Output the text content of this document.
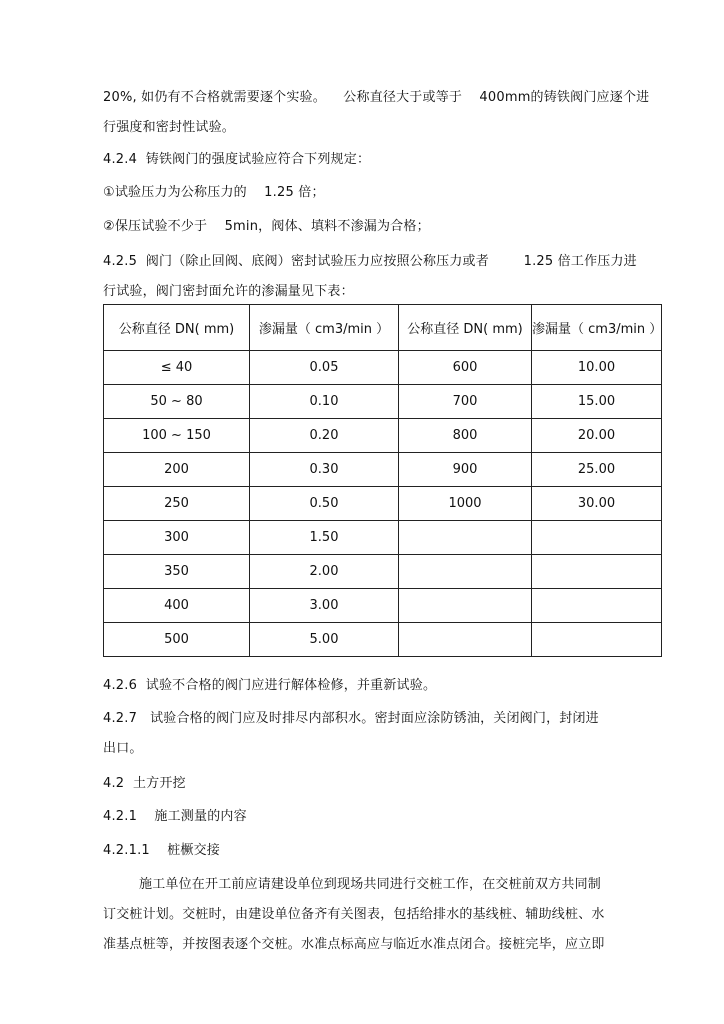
20%, 如仍有不合格就需要逐个实验。    公称直径大于或等于    400mm的铸铁阀门应逐个进
行强度和密封性试验。
4.2.4  铸铁阀门的强度试验应符合下列规定：
①试验压力为公称压力的    1.25 倍；
②保压试验不少于    5min，阀体、填料不渗漏为合格；
4.2.5  阀门（除止回阀、底阀）密封试验压力应按照公称压力或者        1.25 倍工作压力进
行试验，阀门密封面允许的渗漏量见下表：
公称直径 DN( mm)	渗漏量（ cm3/min ）	公称直径 DN( mm)	渗漏量（ cm3/min ）
≤ 40	0.05	600	10.00
50 ~ 80	0.10	700	15.00
100 ~ 150	0.20	800	20.00
200	0.30	900	25.00
250	0.50	1000	30.00
300	1.50		
350	2.00		
400	3.00		
500	5.00		
4.2.6  试验不合格的阀门应进行解体检修，并重新试验。
4.2.7   试验合格的阀门应及时排尽内部积水。密封面应涂防锈油，关闭阀门，封闭进
出口。
4.2  土方开挖
4.2.1    施工测量的内容
4.2.1.1    桩橛交接
施工单位在开工前应请建设单位到现场共同进行交桩工作，在交桩前双方共同制
订交桩计划。交桩时，由建设单位备齐有关图表，包括给排水的基线桩、辅助线桩、水
准基点桩等，并按图表逐个交桩。水准点标高应与临近水准点闭合。接桩完毕，应立即
